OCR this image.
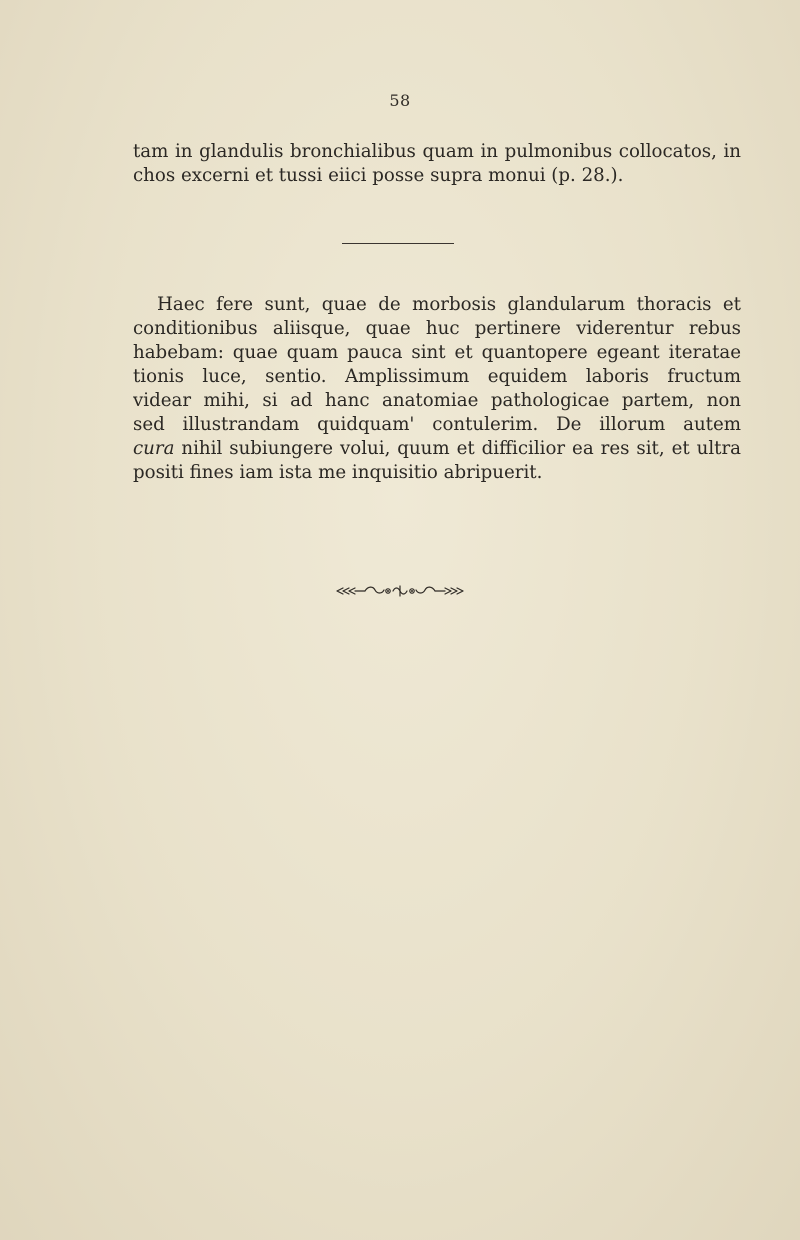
58
tam in glandulis bronchialibus quam in pulmonibus collocatos, in
chos excerni et tussi eiici posse supra monui (p. 28.).
Haec fere sunt, quae de morbosis glandularum thoracis et
conditionibus aliisque, quae huc pertinere viderentur rebus
habebam: quae quam pauca sint et quantopere egeant iteratae
tionis luce, sentio. Amplissimum equidem laboris fructum
videar mihi, si ad hanc anatomiae pathologicae partem, non
sed illustrandam quidquam' contulerim. De illorum autem
cura nihil subiungere volui, quum et difficilior ea res sit, et ultra
positi fines iam ista me inquisitio abripuerit.
